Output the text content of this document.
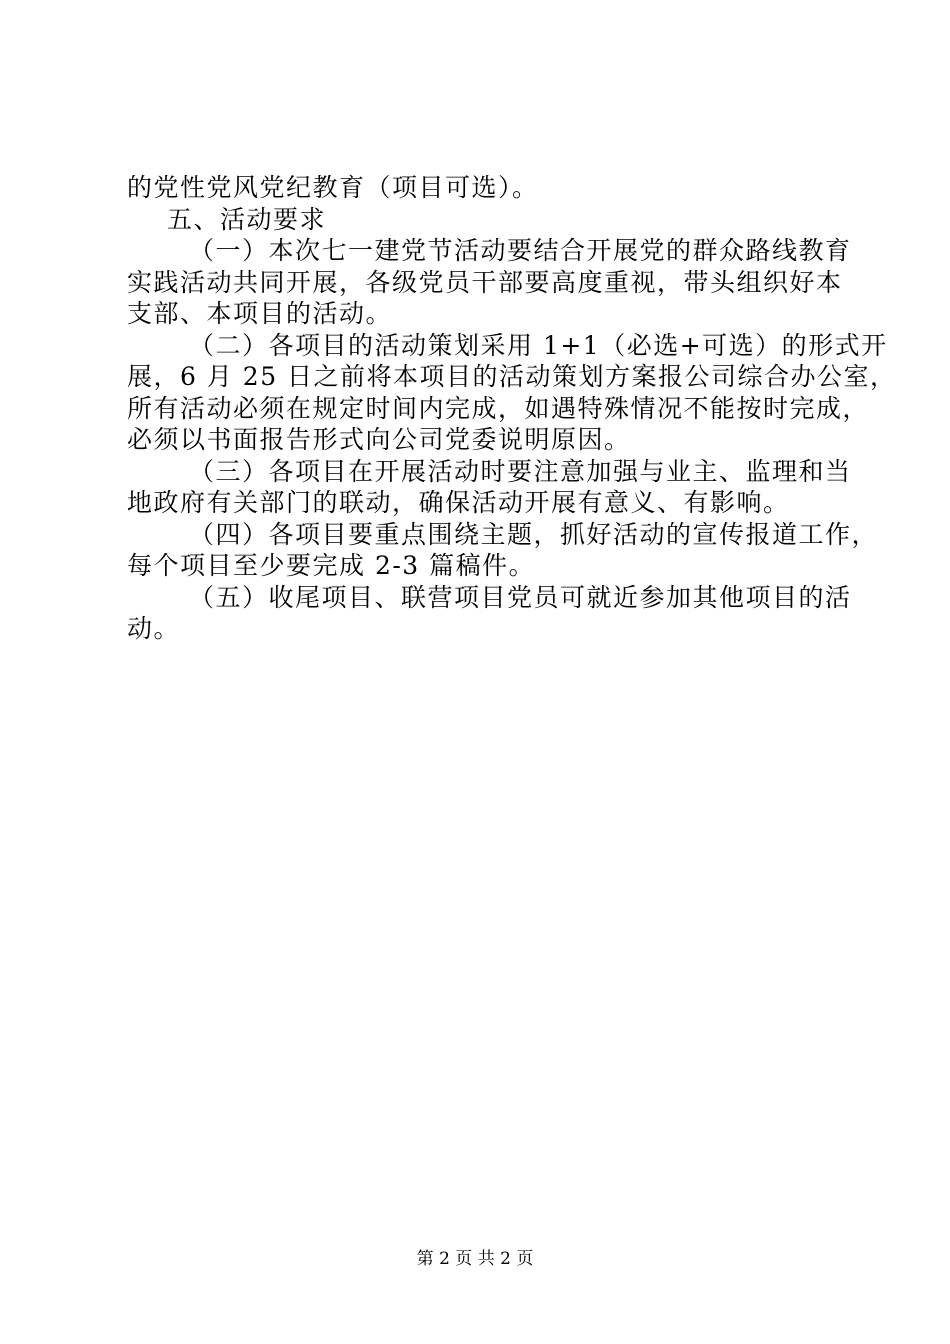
的党性党风党纪教育（项目可选）。
五、活动要求
（一）本次七一建党节活动要结合开展党的群众路线教育
实践活动共同开展，各级党员干部要高度重视，带头组织好本
支部、本项目的活动。
（二）各项目的活动策划采用 1+1（必选+可选）的形式开
展，6 月 25 日之前将本项目的活动策划方案报公司综合办公室，
所有活动必须在规定时间内完成，如遇特殊情况不能按时完成，
必须以书面报告形式向公司党委说明原因。
（三）各项目在开展活动时要注意加强与业主、监理和当
地政府有关部门的联动，确保活动开展有意义、有影响。
（四）各项目要重点围绕主题，抓好活动的宣传报道工作，
每个项目至少要完成 2-3 篇稿件。
（五）收尾项目、联营项目党员可就近参加其他项目的活
动。
第 2 页 共 2 页
